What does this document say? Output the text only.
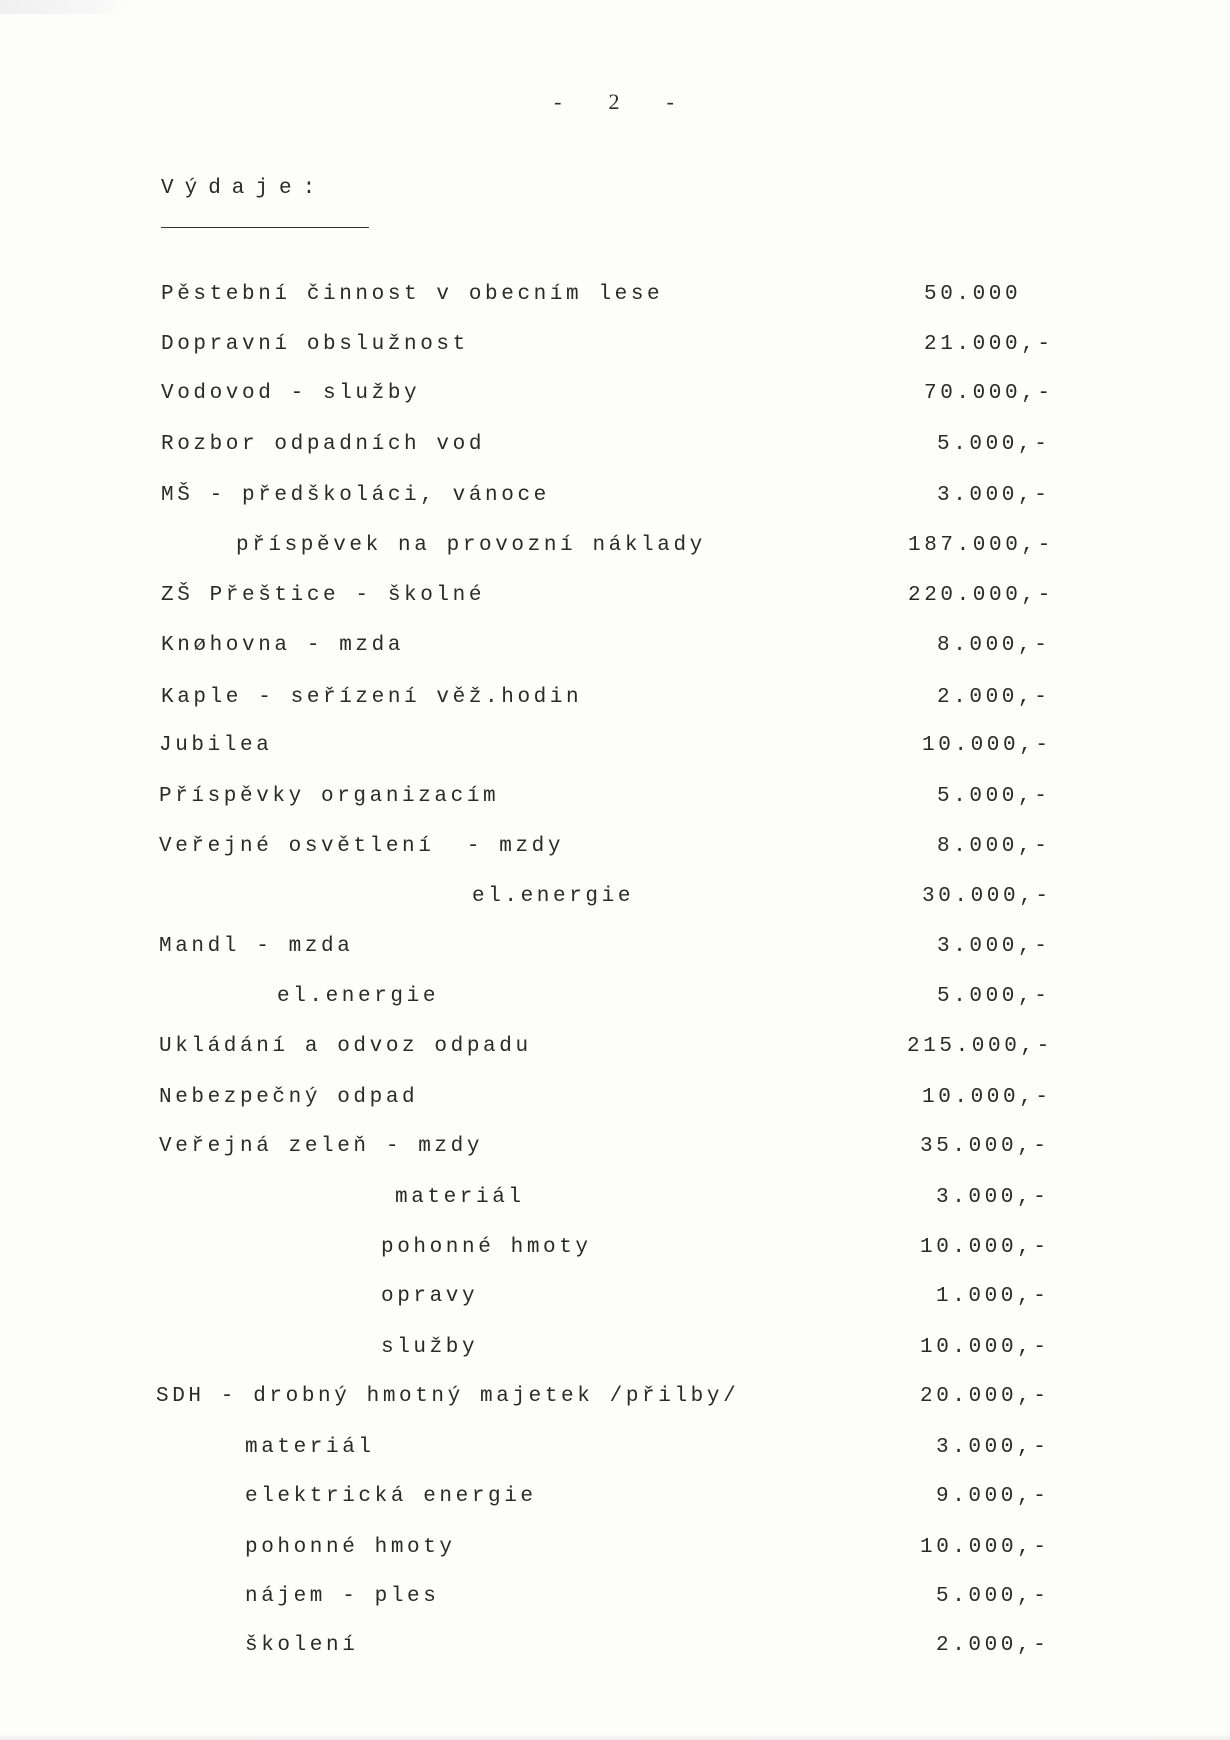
-      2      -
Výdaje:
Pěstební činnost v obecním lese	50.000
Dopravní obslužnost	21.000,-
Vodovod - služby	70.000,-
Rozbor odpadních vod	5.000,-
MŠ - předškoláci, vánoce	3.000,-
příspěvek na provozní náklady	187.000,-
ZŠ Přeštice - školné	220.000,-
Knøhovna - mzda	8.000,-
Kaple - seřízení věž.hodin	2.000,-
Jubilea	10.000,-
Příspěvky organizacím	5.000,-
Veřejné osvětlení  - mzdy	8.000,-
el.energie	30.000,-
Mandl - mzda	3.000,-
el.energie	5.000,-
Ukládání a odvoz odpadu	215.000,-
Nebezpečný odpad	10.000,-
Veřejná zeleň - mzdy	35.000,-
materiál	3.000,-
pohonné hmoty	10.000,-
opravy	1.000,-
služby	10.000,-
SDH - drobný hmotný majetek /přilby/	20.000,-
materiál	3.000,-
elektrická energie	9.000,-
pohonné hmoty	10.000,-
nájem - ples	5.000,-
školení	2.000,-
